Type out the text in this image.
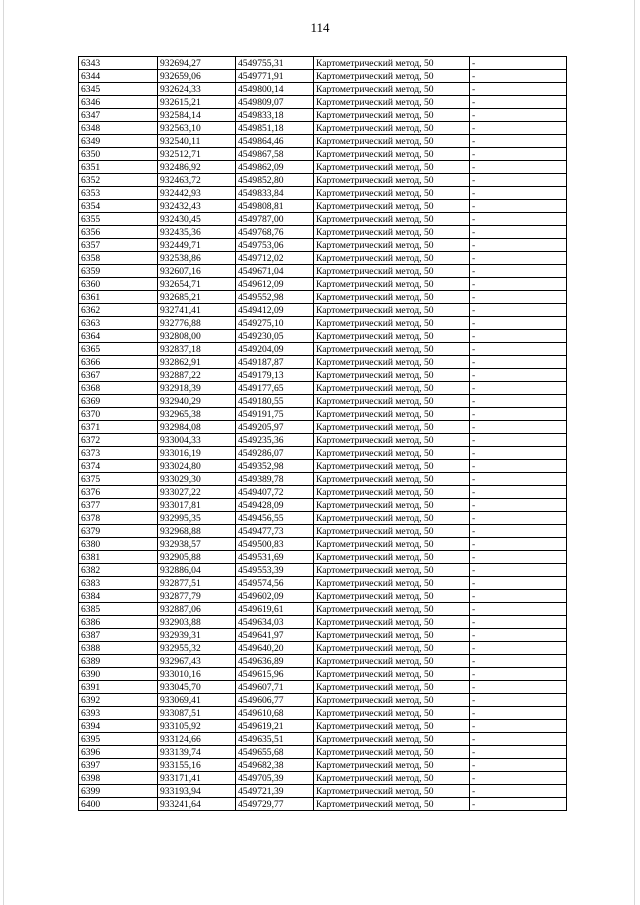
114
6343	932694,27	4549755,31	Картометрический метод, 50	-
6344	932659,06	4549771,91	Картометрический метод, 50	-
6345	932624,33	4549800,14	Картометрический метод, 50	-
6346	932615,21	4549809,07	Картометрический метод, 50	-
6347	932584,14	4549833,18	Картометрический метод, 50	-
6348	932563,10	4549851,18	Картометрический метод, 50	-
6349	932540,11	4549864,46	Картометрический метод, 50	-
6350	932512,71	4549867,58	Картометрический метод, 50	-
6351	932486,92	4549862,09	Картометрический метод, 50	-
6352	932463,72	4549852,80	Картометрический метод, 50	-
6353	932442,93	4549833,84	Картометрический метод, 50	-
6354	932432,43	4549808,81	Картометрический метод, 50	-
6355	932430,45	4549787,00	Картометрический метод, 50	-
6356	932435,36	4549768,76	Картометрический метод, 50	-
6357	932449,71	4549753,06	Картометрический метод, 50	-
6358	932538,86	4549712,02	Картометрический метод, 50	-
6359	932607,16	4549671,04	Картометрический метод, 50	-
6360	932654,71	4549612,09	Картометрический метод, 50	-
6361	932685,21	4549552,98	Картометрический метод, 50	-
6362	932741,41	4549412,09	Картометрический метод, 50	-
6363	932776,88	4549275,10	Картометрический метод, 50	-
6364	932808,00	4549230,05	Картометрический метод, 50	-
6365	932837,18	4549204,09	Картометрический метод, 50	-
6366	932862,91	4549187,87	Картометрический метод, 50	-
6367	932887,22	4549179,13	Картометрический метод, 50	-
6368	932918,39	4549177,65	Картометрический метод, 50	-
6369	932940,29	4549180,55	Картометрический метод, 50	-
6370	932965,38	4549191,75	Картометрический метод, 50	-
6371	932984,08	4549205,97	Картометрический метод, 50	-
6372	933004,33	4549235,36	Картометрический метод, 50	-
6373	933016,19	4549286,07	Картометрический метод, 50	-
6374	933024,80	4549352,98	Картометрический метод, 50	-
6375	933029,30	4549389,78	Картометрический метод, 50	-
6376	933027,22	4549407,72	Картометрический метод, 50	-
6377	933017,81	4549428,09	Картометрический метод, 50	-
6378	932995,35	4549456,55	Картометрический метод, 50	-
6379	932968,88	4549477,73	Картометрический метод, 50	-
6380	932938,57	4549500,83	Картометрический метод, 50	-
6381	932905,88	4549531,69	Картометрический метод, 50	-
6382	932886,04	4549553,39	Картометрический метод, 50	-
6383	932877,51	4549574,56	Картометрический метод, 50	-
6384	932877,79	4549602,09	Картометрический метод, 50	-
6385	932887,06	4549619,61	Картометрический метод, 50	-
6386	932903,88	4549634,03	Картометрический метод, 50	-
6387	932939,31	4549641,97	Картометрический метод, 50	-
6388	932955,32	4549640,20	Картометрический метод, 50	-
6389	932967,43	4549636,89	Картометрический метод, 50	-
6390	933010,16	4549615,96	Картометрический метод, 50	-
6391	933045,70	4549607,71	Картометрический метод, 50	-
6392	933069,41	4549606,77	Картометрический метод, 50	-
6393	933087,51	4549610,68	Картометрический метод, 50	-
6394	933105,92	4549619,21	Картометрический метод, 50	-
6395	933124,66	4549635,51	Картометрический метод, 50	-
6396	933139,74	4549655,68	Картометрический метод, 50	-
6397	933155,16	4549682,38	Картометрический метод, 50	-
6398	933171,41	4549705,39	Картометрический метод, 50	-
6399	933193,94	4549721,39	Картометрический метод, 50	-
6400	933241,64	4549729,77	Картометрический метод, 50	-
